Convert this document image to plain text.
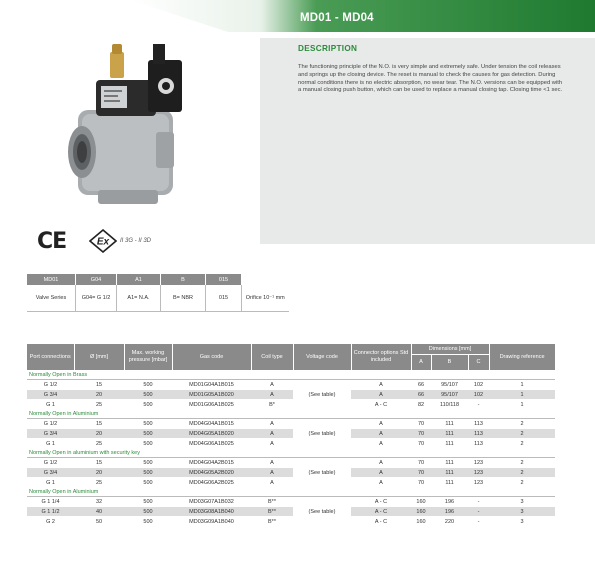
MD01 - MD04
DESCRIPTION
The functioning principle of the N.O. is very simple and extremely safe. Under tension the coil releases and springs up the closing device. The reset is manual to check the causes for gas detection. During normal conditions there is no electric absorption, no wear tear. The N.O. versions can be equipped with a manual closing push button, which can be used to replace a manual closing tap. Closing time <1 sec.
CE	Ex II 3G - II 3D
MD01	G04	A1	B	015	
Valve Series	G04= G 1/2	A1= N.A.	B= NBR	015	Orifice 10⁻¹ mm
Port connections	Ø [mm]	Max. working pressure [mbar]	Gas code	Coil type	Voltage code	Connector options Std included	Dimensions [mm]			Drawing reference
							A	B	C	
Normally Open in Brass										
G 1/2	15	500	MD01G04A1B015	A	(See table)	A	66	95/107	102	1
G 3/4	20	500	MD01G05A1B020	A		A	66	95/107	102	1
G 1	25	500	MD01G06A1B025	B*		A - C	82	110/118	-	1
Normally Open in Aluminium										
G 1/2	15	500	MD04G04A1B015	A	(See table)	A	70	111	113	2
G 3/4	20	500	MD04G05A1B020	A		A	70	111	113	2
G 1	25	500	MD04G06A1B025	A		A	70	111	113	2
Normally Open in aluminium with security key										
G 1/2	15	500	MD04G04A2B015	A	(See table)	A	70	111	123	2
G 3/4	20	500	MD04G05A2B020	A		A	70	111	123	2
G 1	25	500	MD04G06A2B025	A		A	70	111	123	2
Normally Open in Aluminium										
G 1 1/4	32	500	MD03G07A1B032	B**	(See table)	A - C	160	196	-	3
G 1 1/2	40	500	MD03G08A1B040	B**		A - C	160	196	-	3
G 2	50	500	MD03G09A1B040	B**		A - C	160	220	-	3
